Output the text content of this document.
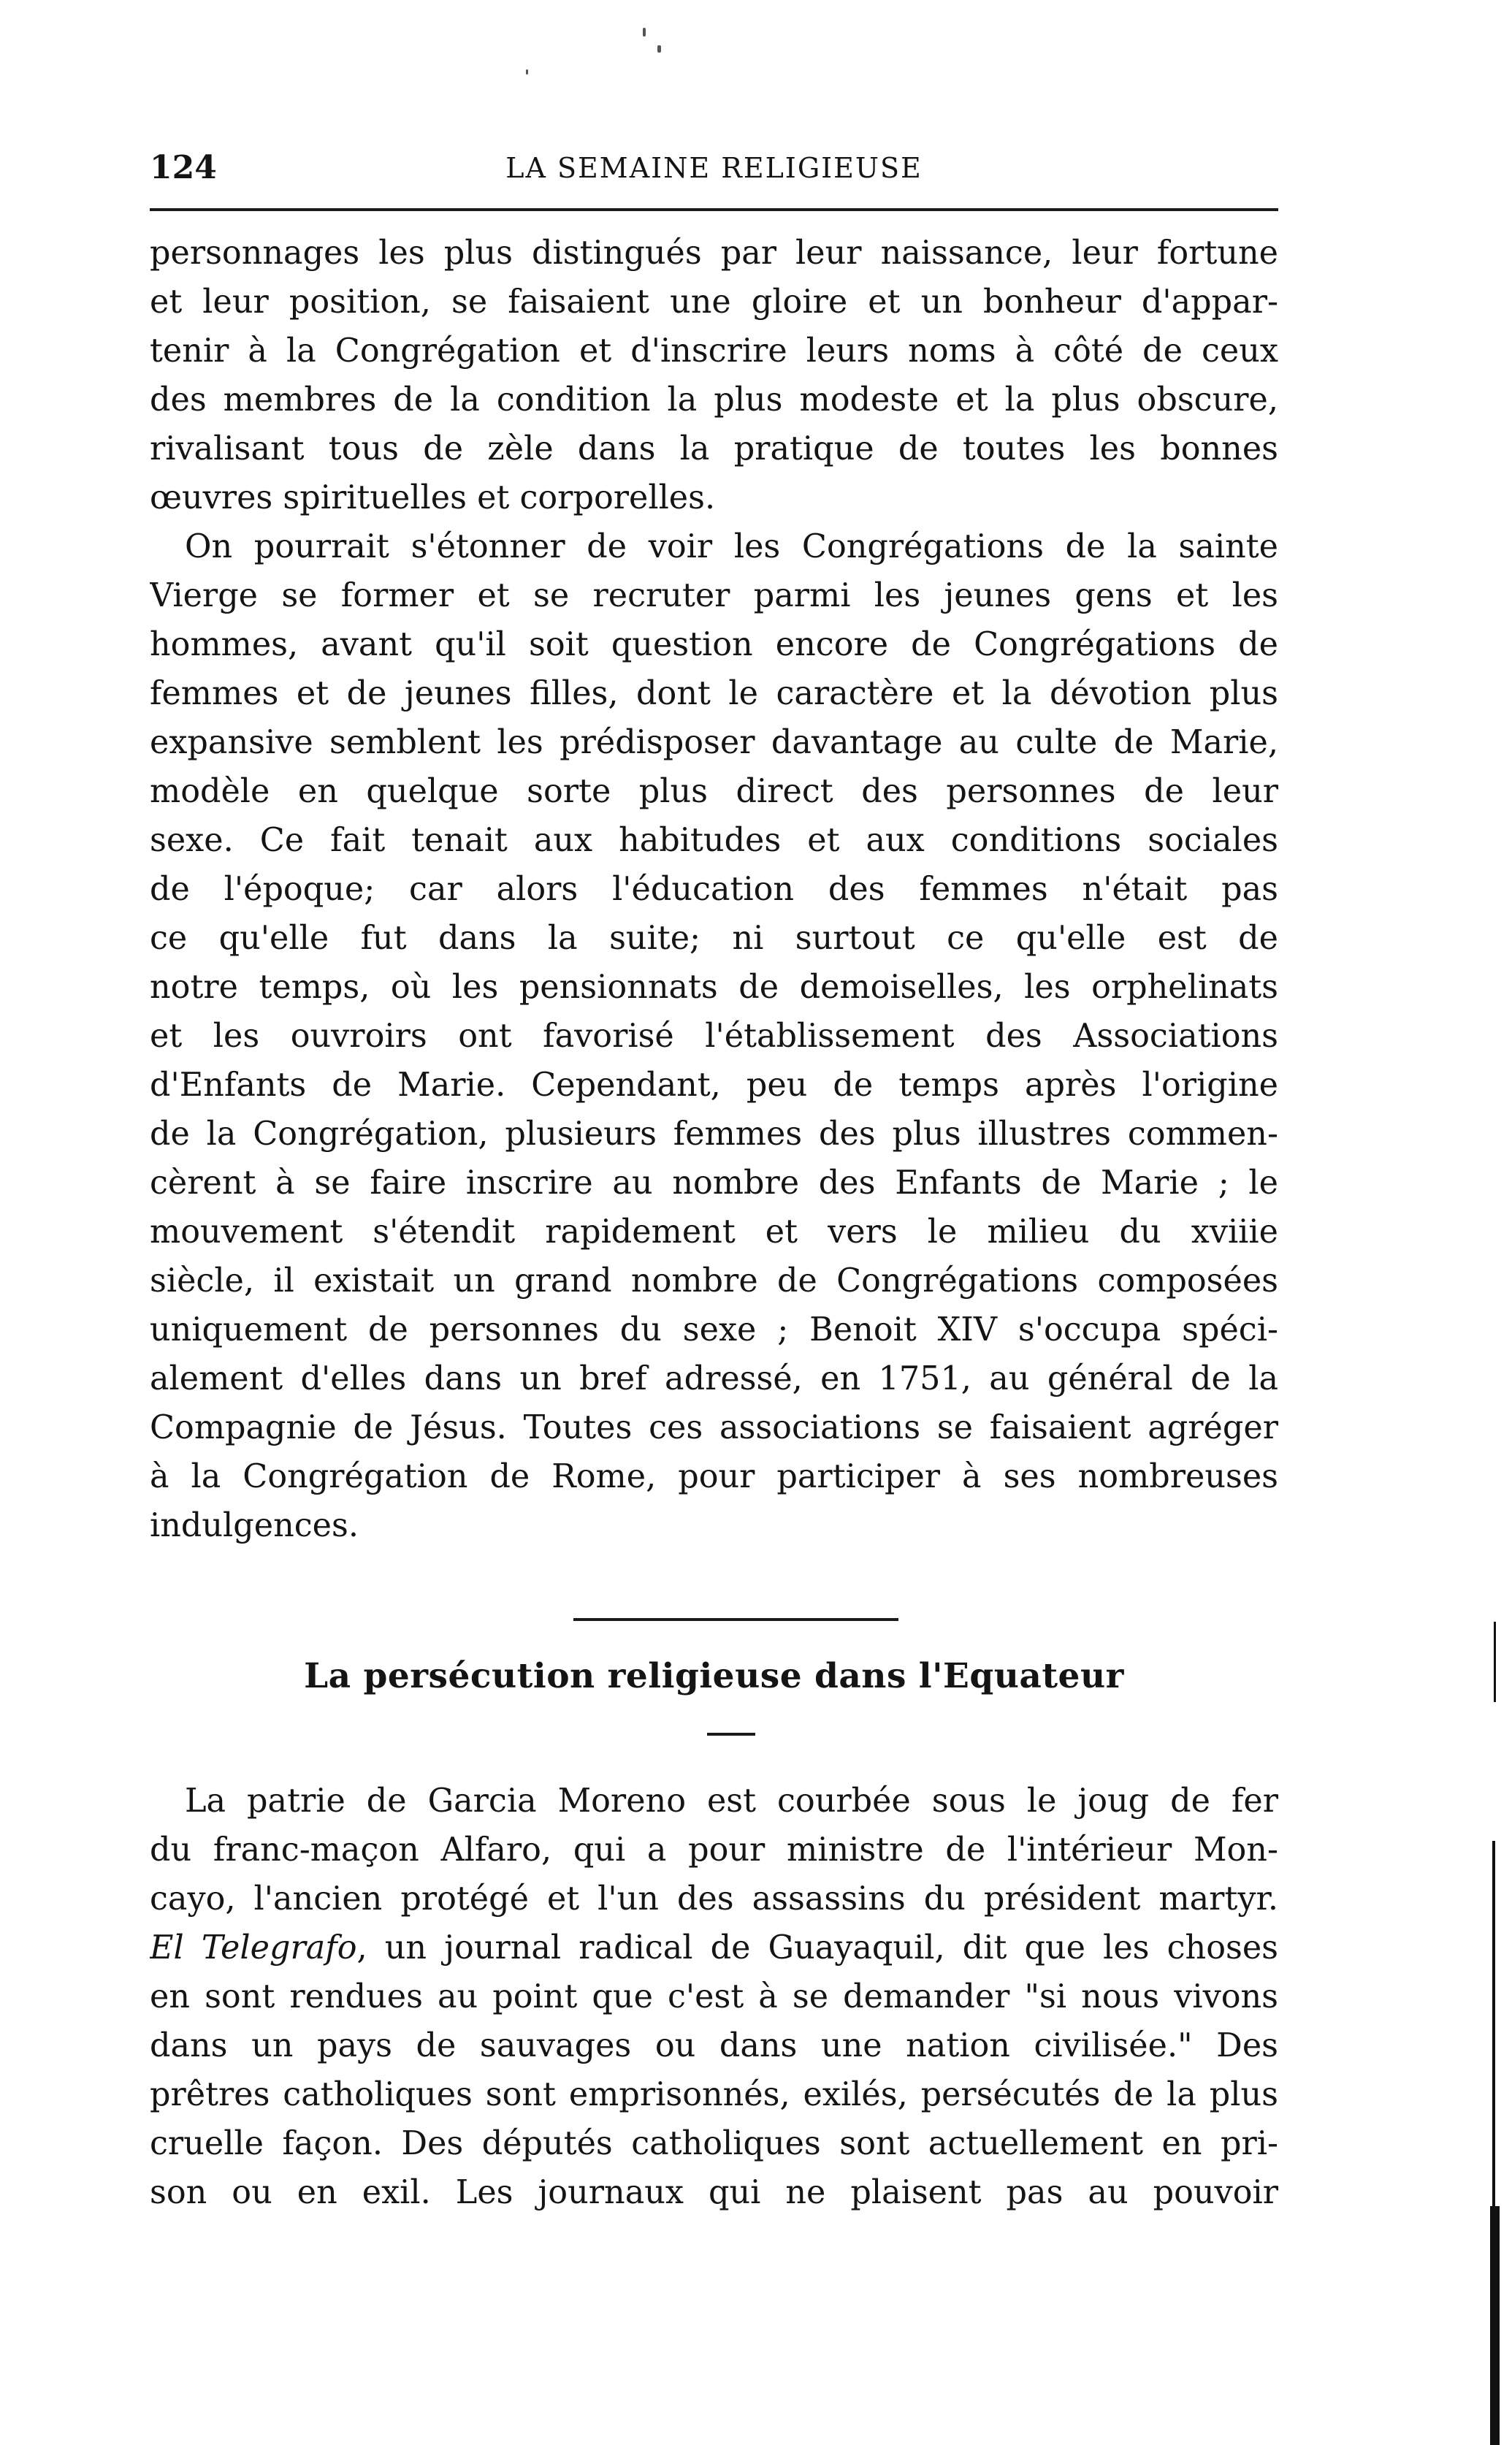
124	LA SEMAINE RELIGIEUSE
personnages les plus distingués par leur naissance, leur fortune
et leur position, se faisaient une gloire et un bonheur d'appar-
tenir à la Congrégation et d'inscrire leurs noms à côté de ceux
des membres de la condition la plus modeste et la plus obscure,
rivalisant tous de zèle dans la pratique de toutes les bonnes
œuvres spirituelles et corporelles.
On pourrait s'étonner de voir les Congrégations de la sainte
Vierge se former et se recruter parmi les jeunes gens et les
hommes, avant qu'il soit question encore de Congrégations de
femmes et de jeunes filles, dont le caractère et la dévotion plus
expansive semblent les prédisposer davantage au culte de Marie,
modèle en quelque sorte plus direct des personnes de leur
sexe. Ce fait tenait aux habitudes et aux conditions sociales
de l'époque; car alors l'éducation des femmes n'était pas
ce qu'elle fut dans la suite; ni surtout ce qu'elle est de
notre temps, où les pensionnats de demoiselles, les orphelinats
et les ouvroirs ont favorisé l'établissement des Associations
d'Enfants de Marie. Cependant, peu de temps après l'origine
de la Congrégation, plusieurs femmes des plus illustres commen-
cèrent à se faire inscrire au nombre des Enfants de Marie ; le
mouvement s'étendit rapidement et vers le milieu du xviiie
siècle, il existait un grand nombre de Congrégations composées
uniquement de personnes du sexe ; Benoit XIV s'occupa spéci-
alement d'elles dans un bref adressé, en 1751, au général de la
Compagnie de Jésus. Toutes ces associations se faisaient agréger
à la Congrégation de Rome, pour participer à ses nombreuses
indulgences.
La persécution religieuse dans l'Equateur
La patrie de Garcia Moreno est courbée sous le joug de fer
du franc-maçon Alfaro, qui a pour ministre de l'intérieur Mon-
cayo, l'ancien protégé et l'un des assassins du président martyr.
El Telegrafo, un journal radical de Guayaquil, dit que les choses
en sont rendues au point que c'est à se demander "si nous vivons
dans un pays de sauvages ou dans une nation civilisée." Des
prêtres catholiques sont emprisonnés, exilés, persécutés de la plus
cruelle façon. Des députés catholiques sont actuellement en pri-
son ou en exil. Les journaux qui ne plaisent pas au pouvoir
